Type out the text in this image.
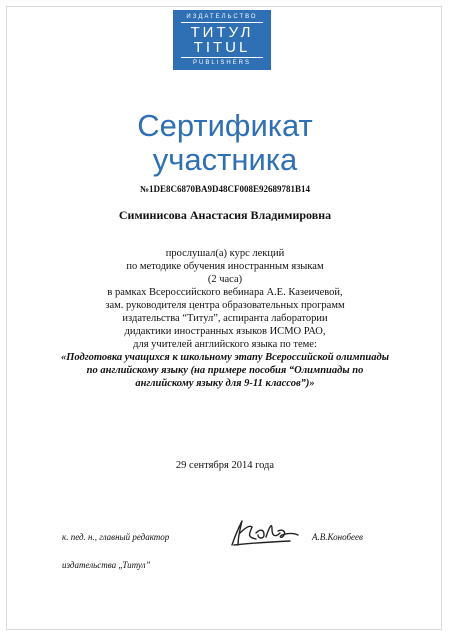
ИЗДАТЕЛЬСТВО
ТИТУЛ
TITUL
PUBLISHERS
Сертификат
участника
№1DE8C6870BA9D48CF008E92689781B14
Симинисова Анастасия Владимировна
прослушал(а) курс лекций
по методике обучения иностранным языкам
(2 часа)
в рамках Всероссийского вебинара А.Е. Казеичевой,
зам. руководителя центра образовательных программ
издательства “Титул”, аспиранта лаборатории
дидактики иностранных языков ИСМО РАО,
для учителей английского языка по теме:
«Подготовка учащихся к школьному этапу Всероссийской олимпиады по английскому языку (на примере пособия “Олимпиады по английскому языку для 9-11 классов”)»
29 сентября 2014 года
к. пед. н., главный редактор
издательства „Титул”
А.В.Конобеев
